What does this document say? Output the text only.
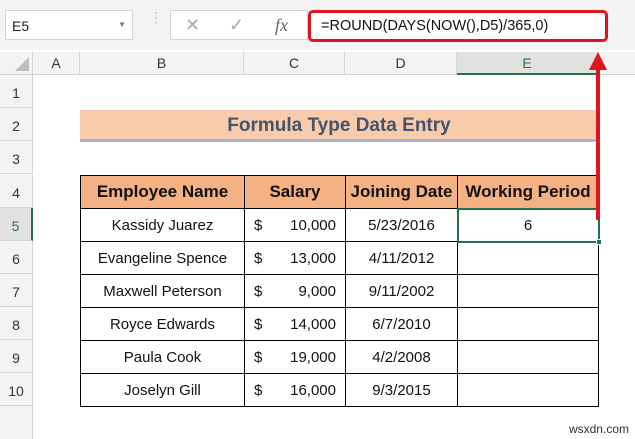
E5	▼ ⋮ ✕ ✓ fx	=ROUND(DAYS(NOW(),D5)/365,0)
A	B	C	D	E
1
2
3
4
5
6
7
8
9
10
Formula Type Data Entry
Employee Name	Salary	Joining Date	Working Period
Kassidy Juarez	$ 10,000	5/23/2016	6

Evangeline Spence	$ 13,000	4/11/2012	
Maxwell Peterson	$ 9,000	9/11/2002	
Royce Edwards	$ 14,000	6/7/2010	
Paula Cook	$ 19,000	4/2/2008	
Joselyn Gill	$ 16,000	9/3/2015	
wsxdn.com
